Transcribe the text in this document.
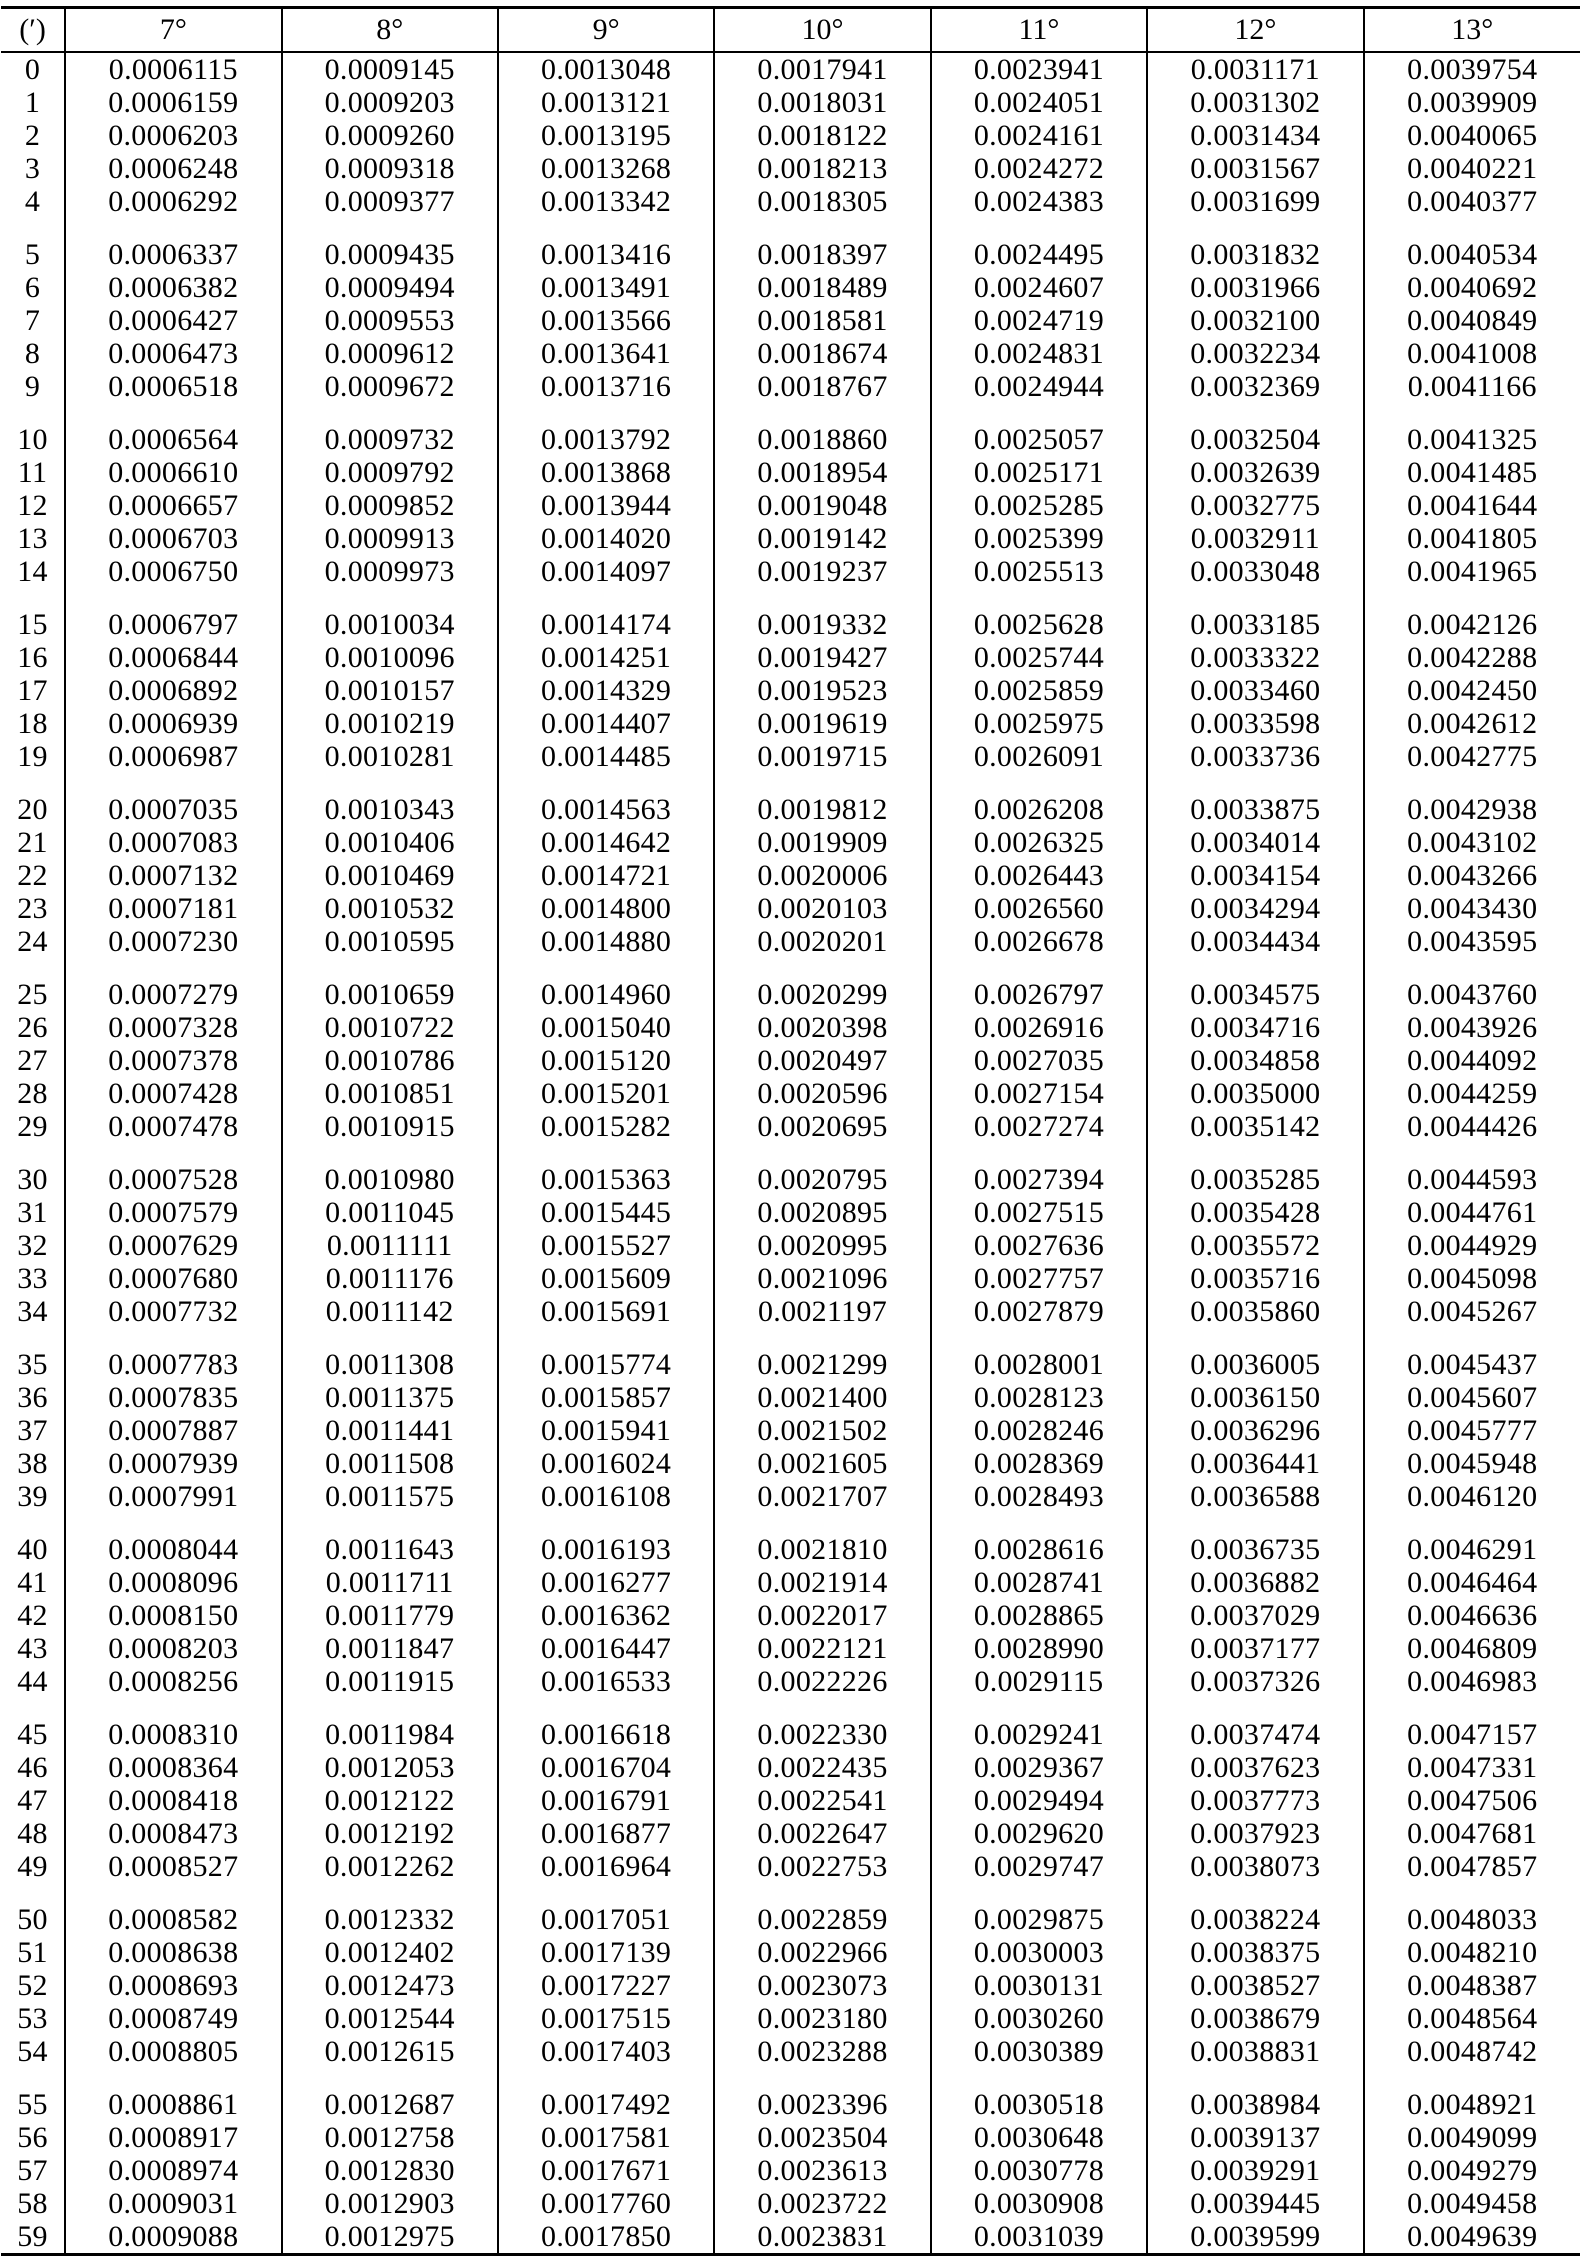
(′)	7°	8°	9°	10°	11°	12°	13°
0	0.0006115	0.0009145	0.0013048	0.0017941	0.0023941	0.0031171	0.0039754
1	0.0006159	0.0009203	0.0013121	0.0018031	0.0024051	0.0031302	0.0039909
2	0.0006203	0.0009260	0.0013195	0.0018122	0.0024161	0.0031434	0.0040065
3	0.0006248	0.0009318	0.0013268	0.0018213	0.0024272	0.0031567	0.0040221
4	0.0006292	0.0009377	0.0013342	0.0018305	0.0024383	0.0031699	0.0040377
5	0.0006337	0.0009435	0.0013416	0.0018397	0.0024495	0.0031832	0.0040534
6	0.0006382	0.0009494	0.0013491	0.0018489	0.0024607	0.0031966	0.0040692
7	0.0006427	0.0009553	0.0013566	0.0018581	0.0024719	0.0032100	0.0040849
8	0.0006473	0.0009612	0.0013641	0.0018674	0.0024831	0.0032234	0.0041008
9	0.0006518	0.0009672	0.0013716	0.0018767	0.0024944	0.0032369	0.0041166
10	0.0006564	0.0009732	0.0013792	0.0018860	0.0025057	0.0032504	0.0041325
11	0.0006610	0.0009792	0.0013868	0.0018954	0.0025171	0.0032639	0.0041485
12	0.0006657	0.0009852	0.0013944	0.0019048	0.0025285	0.0032775	0.0041644
13	0.0006703	0.0009913	0.0014020	0.0019142	0.0025399	0.0032911	0.0041805
14	0.0006750	0.0009973	0.0014097	0.0019237	0.0025513	0.0033048	0.0041965
15	0.0006797	0.0010034	0.0014174	0.0019332	0.0025628	0.0033185	0.0042126
16	0.0006844	0.0010096	0.0014251	0.0019427	0.0025744	0.0033322	0.0042288
17	0.0006892	0.0010157	0.0014329	0.0019523	0.0025859	0.0033460	0.0042450
18	0.0006939	0.0010219	0.0014407	0.0019619	0.0025975	0.0033598	0.0042612
19	0.0006987	0.0010281	0.0014485	0.0019715	0.0026091	0.0033736	0.0042775
20	0.0007035	0.0010343	0.0014563	0.0019812	0.0026208	0.0033875	0.0042938
21	0.0007083	0.0010406	0.0014642	0.0019909	0.0026325	0.0034014	0.0043102
22	0.0007132	0.0010469	0.0014721	0.0020006	0.0026443	0.0034154	0.0043266
23	0.0007181	0.0010532	0.0014800	0.0020103	0.0026560	0.0034294	0.0043430
24	0.0007230	0.0010595	0.0014880	0.0020201	0.0026678	0.0034434	0.0043595
25	0.0007279	0.0010659	0.0014960	0.0020299	0.0026797	0.0034575	0.0043760
26	0.0007328	0.0010722	0.0015040	0.0020398	0.0026916	0.0034716	0.0043926
27	0.0007378	0.0010786	0.0015120	0.0020497	0.0027035	0.0034858	0.0044092
28	0.0007428	0.0010851	0.0015201	0.0020596	0.0027154	0.0035000	0.0044259
29	0.0007478	0.0010915	0.0015282	0.0020695	0.0027274	0.0035142	0.0044426
30	0.0007528	0.0010980	0.0015363	0.0020795	0.0027394	0.0035285	0.0044593
31	0.0007579	0.0011045	0.0015445	0.0020895	0.0027515	0.0035428	0.0044761
32	0.0007629	0.0011111	0.0015527	0.0020995	0.0027636	0.0035572	0.0044929
33	0.0007680	0.0011176	0.0015609	0.0021096	0.0027757	0.0035716	0.0045098
34	0.0007732	0.0011142	0.0015691	0.0021197	0.0027879	0.0035860	0.0045267
35	0.0007783	0.0011308	0.0015774	0.0021299	0.0028001	0.0036005	0.0045437
36	0.0007835	0.0011375	0.0015857	0.0021400	0.0028123	0.0036150	0.0045607
37	0.0007887	0.0011441	0.0015941	0.0021502	0.0028246	0.0036296	0.0045777
38	0.0007939	0.0011508	0.0016024	0.0021605	0.0028369	0.0036441	0.0045948
39	0.0007991	0.0011575	0.0016108	0.0021707	0.0028493	0.0036588	0.0046120
40	0.0008044	0.0011643	0.0016193	0.0021810	0.0028616	0.0036735	0.0046291
41	0.0008096	0.0011711	0.0016277	0.0021914	0.0028741	0.0036882	0.0046464
42	0.0008150	0.0011779	0.0016362	0.0022017	0.0028865	0.0037029	0.0046636
43	0.0008203	0.0011847	0.0016447	0.0022121	0.0028990	0.0037177	0.0046809
44	0.0008256	0.0011915	0.0016533	0.0022226	0.0029115	0.0037326	0.0046983
45	0.0008310	0.0011984	0.0016618	0.0022330	0.0029241	0.0037474	0.0047157
46	0.0008364	0.0012053	0.0016704	0.0022435	0.0029367	0.0037623	0.0047331
47	0.0008418	0.0012122	0.0016791	0.0022541	0.0029494	0.0037773	0.0047506
48	0.0008473	0.0012192	0.0016877	0.0022647	0.0029620	0.0037923	0.0047681
49	0.0008527	0.0012262	0.0016964	0.0022753	0.0029747	0.0038073	0.0047857
50	0.0008582	0.0012332	0.0017051	0.0022859	0.0029875	0.0038224	0.0048033
51	0.0008638	0.0012402	0.0017139	0.0022966	0.0030003	0.0038375	0.0048210
52	0.0008693	0.0012473	0.0017227	0.0023073	0.0030131	0.0038527	0.0048387
53	0.0008749	0.0012544	0.0017515	0.0023180	0.0030260	0.0038679	0.0048564
54	0.0008805	0.0012615	0.0017403	0.0023288	0.0030389	0.0038831	0.0048742
55	0.0008861	0.0012687	0.0017492	0.0023396	0.0030518	0.0038984	0.0048921
56	0.0008917	0.0012758	0.0017581	0.0023504	0.0030648	0.0039137	0.0049099
57	0.0008974	0.0012830	0.0017671	0.0023613	0.0030778	0.0039291	0.0049279
58	0.0009031	0.0012903	0.0017760	0.0023722	0.0030908	0.0039445	0.0049458
59	0.0009088	0.0012975	0.0017850	0.0023831	0.0031039	0.0039599	0.0049639
